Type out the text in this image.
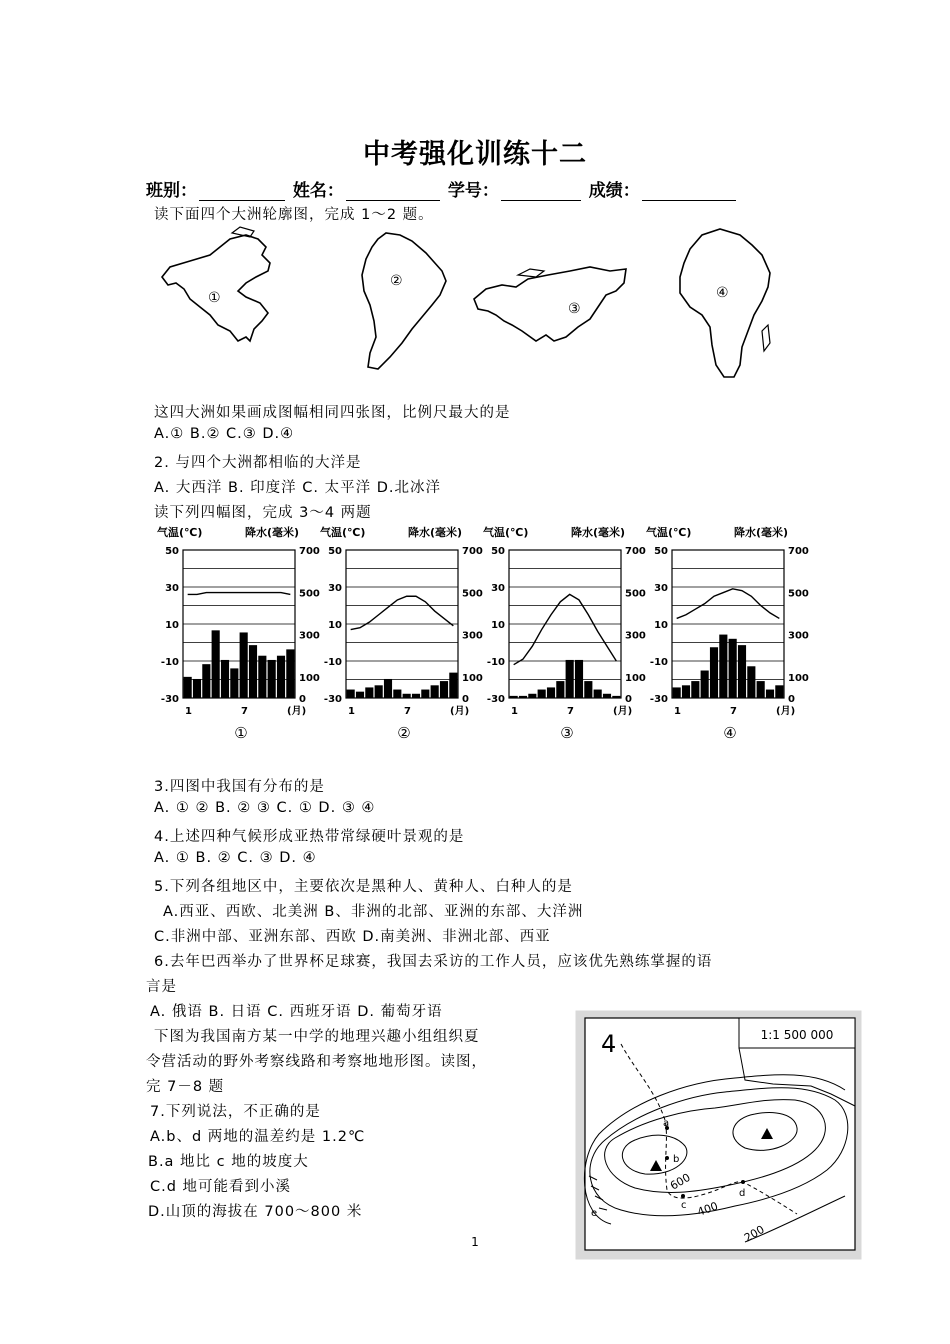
中考强化训练十二
班别：	姓名：	学号：	成绩：
读下面四个大洲轮廓图，完成 1～2 题。
①
②
③
④
这四大洲如果画成图幅相同四张图，比例尺最大的是
A.① B.② C.③ D.④
2. 与四个大洲都相临的大洋是
A. 大西洋 B. 印度洋 C. 太平洋 D.北冰洋
读下列四幅图，完成 3～4 两题
气温(℃)	降水(毫米)
50
30
10
-10
-30
700
500
300
100
0
1	7	(月)
①
气温(℃)	降水(毫米)
50
30
10
-10
-30
700
500
300
100
0
1	7	(月)
②
气温(℃)	降水(毫米)
50
30
10
-10
-30
700
500
300
100
0
1	7	(月)
③
气温(℃)	降水(毫米)
50
30
10
-10
-30
700
500
300
100
0
1	7	(月)
④
3.四图中我国有分布的是
A. ① ② B. ② ③ C. ① D. ③ ④
4.上述四种气候形成亚热带常绿硬叶景观的是
A. ① B. ② C. ③ D. ④
5.下列各组地区中，主要依次是黑种人、黄种人、白种人的是
A.西亚、西欧、北美洲 B、非洲的北部、亚洲的东部、大洋洲
C.非洲中部、亚洲东部、西欧 D.南美洲、非洲北部、西亚
6.去年巴西举办了世界杯足球赛，我国去采访的工作人员，应该优先熟练掌握的语
言是
A. 俄语 B. 日语 C. 西班牙语 D. 葡萄牙语
下图为我国南方某一中学的地理兴趣小组组织夏
令营活动的野外考察线路和考察地地形图。读图，
完 7－8 题
7.下列说法，不正确的是
A.b、d 两地的温差约是 1.2℃
B.a 地比 c 地的坡度大
C.d 地可能看到小溪
D.山顶的海拔在 700～800 米
1:1 500 000
4
a
b
c
d
e
600
400
200
1
